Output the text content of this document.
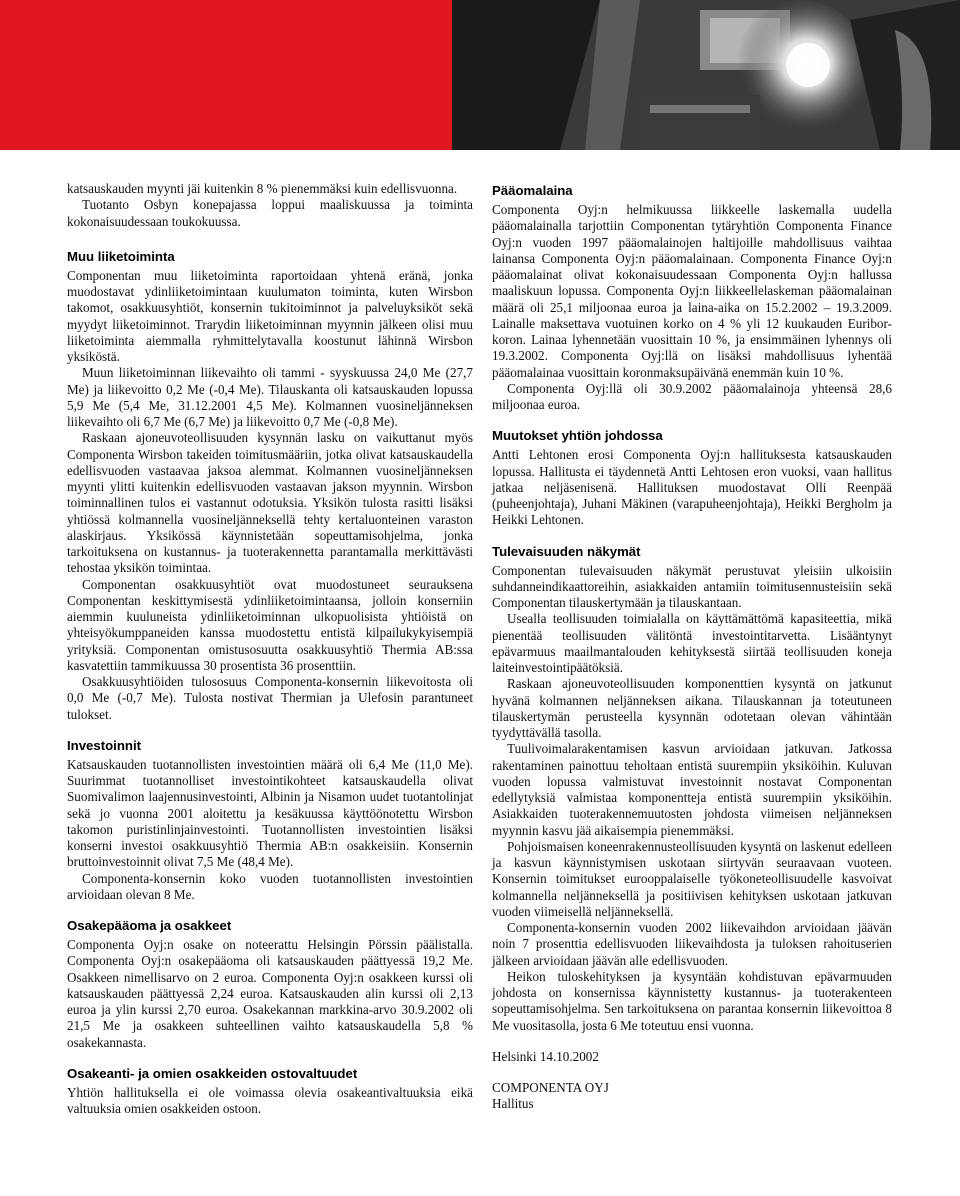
katsauskauden myynti jäi kuitenkin 8 % pienemmäksi kuin edellisvuonna.

Tuotanto Osbyn konepajassa loppui maaliskuussa ja toiminta kokonaisuudessaan toukokuussa.

Muu liiketoiminta

Componentan muu liiketoiminta raportoidaan yhtenä eränä, jonka muodostavat ydinliiketoimintaan kuulumaton toiminta, kuten Wirsbon takomot, osakkuusyhtiöt, konsernin tukitoiminnot ja palveluyksiköt sekä myydyt liiketoiminnot. Trarydin liiketoiminnan myynnin jälkeen olisi muu liiketoiminta aiemmalla ryhmittelytavalla koostunut lähinnä Wirsbon yksiköstä.

Muun liiketoiminnan liikevaihto oli tammi - syyskuussa 24,0 Me (27,7 Me) ja liikevoitto 0,2 Me (-0,4 Me). Tilauskanta oli katsauskauden lopussa 5,9 Me (5,4 Me, 31.12.2001 4,5 Me). Kolmannen vuosineljänneksen liikevaihto oli 6,7 Me (6,7 Me) ja liikevoitto 0,7 Me (-0,8 Me).

Raskaan ajoneuvoteollisuuden kysynnän lasku on vaikuttanut myös Componenta Wirsbon takeiden toimitusmääriin, jotka olivat katsauskaudella edellisvuoden vastaavaa jaksoa alemmat. Kolmannen vuosineljänneksen myynti ylitti kuitenkin edellisvuoden vastaavan jakson myynnin. Wirsbon toiminnallinen tulos ei vastannut odotuksia. Yksikön tulosta rasitti lisäksi yhtiössä kolmannella vuosineljänneksellä tehty kertaluonteinen varaston alaskirjaus. Yksikössä käynnistetään sopeuttamisohjelma, jonka tarkoituksena on kustannus- ja tuoterakennetta parantamalla merkittävästi tehostaa yksikön toimintaa.

Componentan osakkuusyhtiöt ovat muodostuneet seurauksena Componentan keskittymisestä ydinliiketoimintaansa, jolloin konserniin aiemmin kuuluneista ydinliiketoiminnan ulkopuolisista yhtiöistä on yhteisyökumppaneiden kanssa muodostettu entistä kilpailukykyisempiä yrityksiä. Componentan omistusosuutta osakkuusyhtiö Thermia AB:ssa kasvatettiin tammikuussa 30 prosentista 36 prosenttiin.

Osakkuusyhtiöiden tulososuus Componenta-konsernin liikevoitosta oli 0,0 Me (-0,7 Me). Tulosta nostivat Thermian ja Ulefosin parantuneet tulokset.

Investoinnit

Katsauskauden tuotannollisten investointien määrä oli 6,4 Me (11,0 Me). Suurimmat tuotannolliset investointikohteet katsauskaudella olivat Suomivalimon laajennusinvestointi, Albinin ja Nisamon uudet tuotantolinjat sekä jo vuonna 2001 aloitettu ja kesäkuussa käyttöönotettu Wirsbon takomon puristinlinjainvestointi. Tuotannollisten investointien lisäksi konserni investoi osakkuusyhtiö Thermia AB:n osakkeisiin. Konsernin bruttoinvestoinnit olivat 7,5 Me (48,4 Me).

Componenta-konsernin koko vuoden tuotannollisten investointien arvioidaan olevan 8 Me.

Osakepääoma ja osakkeet

Componenta Oyj:n osake on noteerattu Helsingin Pörssin päälistalla. Componenta Oyj:n osakepääoma oli katsauskauden päättyessä 19,2 Me. Osakkeen nimellisarvo on 2 euroa. Componenta Oyj:n osakkeen kurssi oli katsauskauden päättyessä 2,24 euroa. Katsauskauden alin kurssi oli 2,13 euroa ja ylin kurssi 2,70 euroa. Osakekannan markkina-arvo 30.9.2002 oli 21,5 Me ja osakkeen suhteellinen vaihto katsauskaudella 5,8 % osakekannasta.

Osakeanti- ja omien osakkeiden ostovaltuudet

Yhtiön hallituksella ei ole voimassa olevia osakeantivaltuuksia eikä valtuuksia omien osakkeiden ostoon.

Pääomalaina

Componenta Oyj:n helmikuussa liikkeelle laskemalla uudella pääomalainalla tarjottiin Componentan tytäryhtiön Componenta Finance Oyj:n vuoden 1997 pääomalainojen haltijoille mahdollisuus vaihtaa lainansa Componenta Oyj:n pääomalainaan. Componenta Finance Oyj:n pääomalainat olivat kokonaisuudessaan Componenta Oyj:n hallussa maaliskuun lopussa. Componenta Oyj:n liikkeellelaskeman pääomalainan määrä oli 25,1 miljoonaa euroa ja laina-aika on 15.2.2002 – 19.3.2009. Lainalle maksettava vuotuinen korko on 4 % yli 12 kuukauden Euribor-koron. Lainaa lyhennetään vuosittain 10 %, ja ensimmäinen lyhennys oli 19.3.2002. Componenta Oyj:llä on lisäksi mahdollisuus lyhentää pääomalainaa vuosittain koronmaksupäivänä enemmän kuin 10 %.

Componenta Oyj:llä oli 30.9.2002 pääomalainoja yhteensä 28,6 miljoonaa euroa.

Muutokset yhtiön johdossa

Antti Lehtonen erosi Componenta Oyj:n hallituksesta katsauskauden lopussa. Hallitusta ei täydennetä Antti Lehtosen eron vuoksi, vaan hallitus jatkaa neljäsenisenä. Hallituksen muodostavat Olli Reenpää (puheenjohtaja), Juhani Mäkinen (varapuheenjohtaja), Heikki Bergholm ja Heikki Lehtonen.

Tulevaisuuden näkymät

Componentan tulevaisuuden näkymät perustuvat yleisiin ulkoisiin suhdanneindikaattoreihin, asiakkaiden antamiin toimitusennusteisiin sekä Componentan tilauskertymään ja tilauskantaan.

Usealla teollisuuden toimialalla on käyttämättömä kapasiteettia, mikä pienentää teollisuuden välitöntä investointitarvetta. Lisääntynyt epävarmuus maailmantalouden kehityksestä siirtää teollisuuden koneja laiteinvestointipäätöksiä.

Raskaan ajoneuvoteollisuuden komponenttien kysyntä on jatkunut hyvänä kolmannen neljänneksen aikana. Tilauskannan ja toteutuneen tilauskertymän perusteella kysynnän odotetaan olevan vähintään tyydyttävällä tasolla.

Tuulivoimalarakentamisen kasvun arvioidaan jatkuvan. Jatkossa rakentaminen painottuu teholtaan entistä suurempiin yksiköihin. Kuluvan vuoden lopussa valmistuvat investoinnit nostavat Componentan edellytyksiä valmistaa komponentteja entistä suurempiin yksiköihin. Asiakkaiden tuoterakennemuutosten johdosta viimeisen neljänneksen myynnin kasvu jää aikaisempia pienemmäksi.

Pohjoismaisen koneenrakennusteollisuuden kysyntä on laskenut edelleen ja kasvun käynnistymisen uskotaan siirtyvän seuraavaan vuoteen. Konsernin toimitukset eurooppalaiselle työkoneteollisuudelle kasvoivat kolmannella neljänneksellä ja positiivisen kehityksen uskotaan jatkuvan vuoden viimeisellä neljänneksellä.

Componenta-konsernin vuoden 2002 liikevaihdon arvioidaan jäävän noin 7 prosenttia edellisvuoden liikevaihdosta ja tuloksen rahoituserien jälkeen arvioidaan jäävän alle edellisvuoden.

Heikon tuloskehityksen ja kysyntään kohdistuvan epävarmuuden johdosta on konsernissa käynnistetty kustannus- ja tuoterakenteen sopeuttamisohjelma. Sen tarkoituksena on parantaa konsernin liikevoittoa 8 Me vuositasolla, josta 6 Me toteutuu ensi vuonna.

Helsinki 14.10.2002

COMPONENTA OYJ

Hallitus
